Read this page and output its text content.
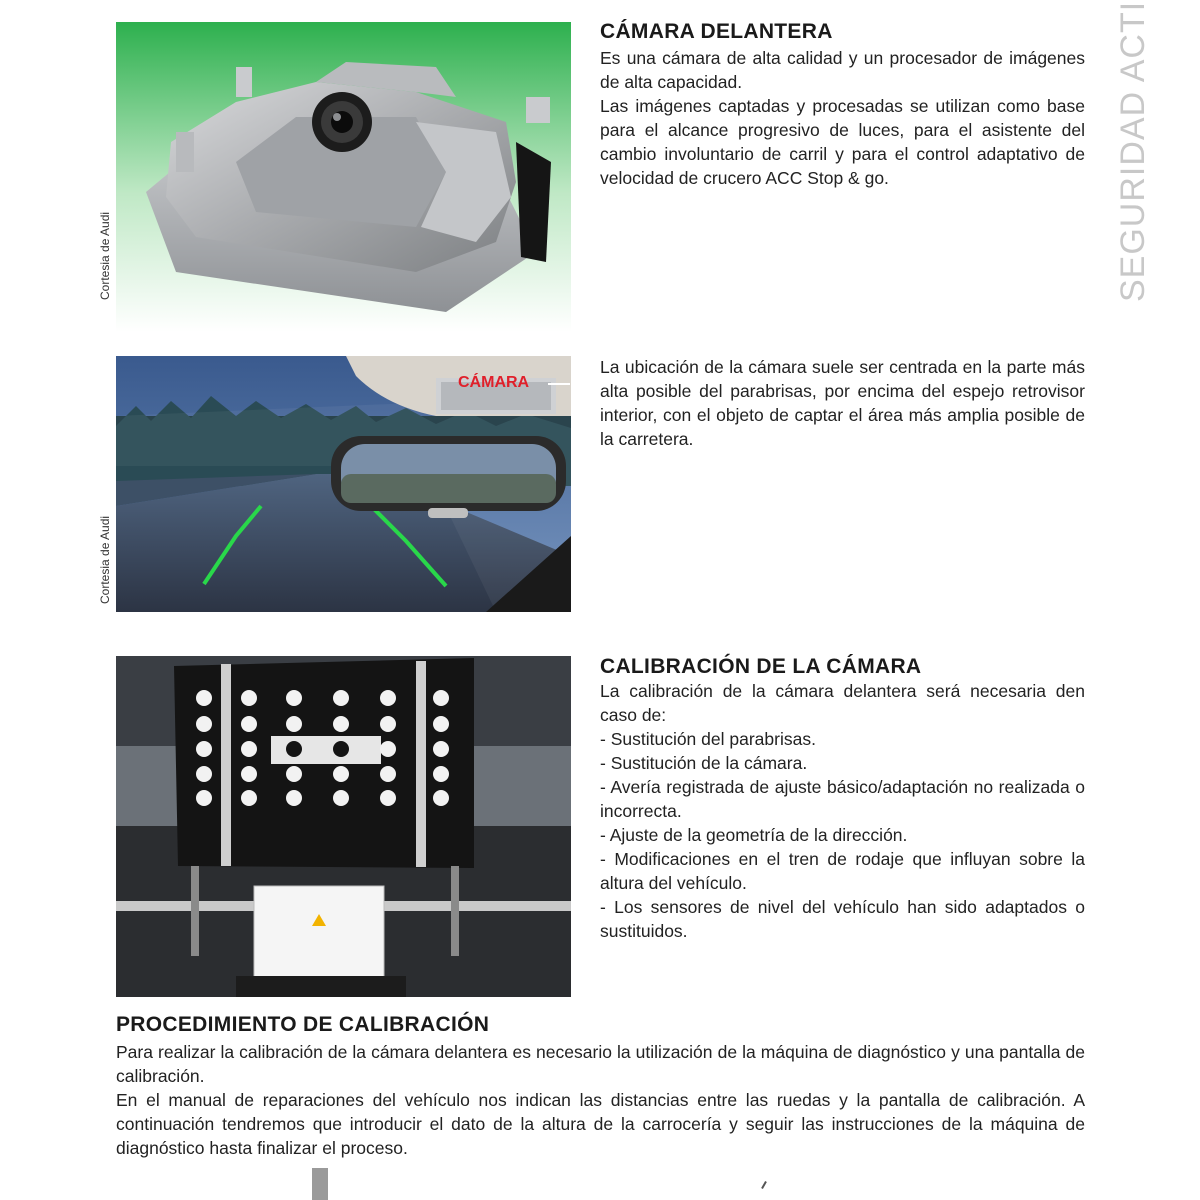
SEGURIDAD ACTI
Cortesia de Audi
CÁMARA DELANTERA

Es una cámara de alta calidad y un procesador de imágenes de alta capacidad.

Las imágenes captadas y procesadas se utilizan como base para el alcance progresivo de luces, para el asistente del cambio involuntario de carril y para el control adaptativo de velocidad de crucero ACC Stop & go.

CÁMARA
Cortesia de Audi

La ubicación de la cámara suele ser centrada en la parte más alta posible del parabrisas, por encima del espejo retrovisor interior, con el objeto de captar el área más amplia posible de la carretera.

CALIBRACIÓN DE LA CÁMARA

La calibración de la cámara delantera será necesaria den caso de:

- Sustitución del parabrisas.

- Sustitución de la cámara.

- Avería registrada de ajuste básico/adaptación no realizada o incorrecta.

- Ajuste de la geometría de la dirección.

- Modificaciones en el tren de rodaje que influyan sobre la altura del vehículo.

- Los sensores de nivel del vehículo han sido adaptados o sustituidos.

PROCEDIMIENTO DE CALIBRACIÓN

Para realizar la calibración de la cámara delantera es necesario la utilización de la máquina de diagnóstico y una pantalla de calibración.

En el manual de reparaciones del vehículo nos indican las distancias entre las ruedas y la pantalla de calibración. A continuación tendremos que introducir el dato de la altura de la carrocería y seguir las instrucciones de la máquina de diagnóstico hasta finalizar el proceso.
